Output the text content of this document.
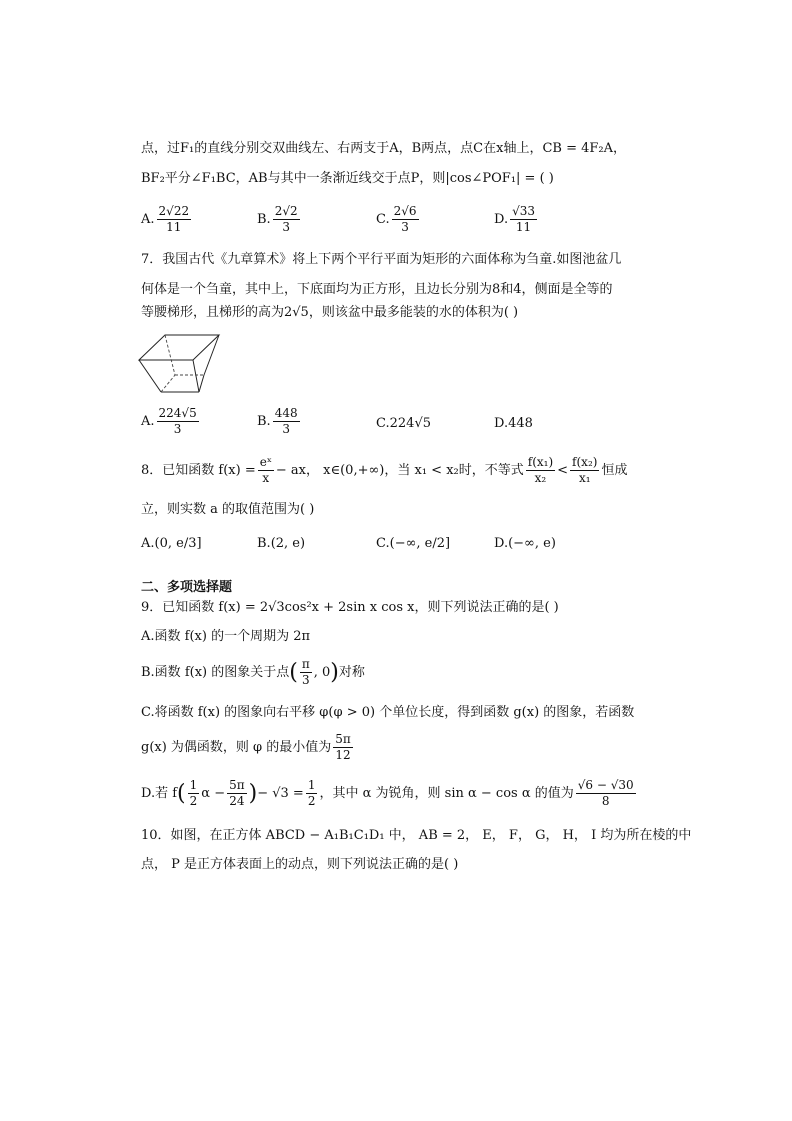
点，过F₁的直线分别交双曲线左、右两支于A，B两点，点C在x轴上，CB = 4F₂A，
BF₂平分∠F₁BC，AB与其中一条渐近线交于点P，则|cos∠POF₁| = ( )
A. $\frac{2√22}{11}$	B. $\frac{2√2}{3}$	C. $\frac{2√6}{3}$	D. $\frac{√33}{11}$
7．我国古代《九章算术》将上下两个平行平面为矩形的六面体称为刍童.如图池盆几
何体是一个刍童，其中上，下底面均为正方形，且边长分别为8和4，侧面是全等的
等腰梯形，且梯形的高为2√5，则该盆中最多能装的水的体积为( )
A. $\frac{224√5}{3}$	B. $\frac{448}{3}$	C. 224√5	D. 448
8．已知函数 $f(x) = \frac{\text{eˣ}}{x}$ − ax， x∈(0,+∞)，当 x₁ < x₂时，不等式 $\frac{\text{f(x₁)}}{\text{x₂}} < \frac{\text{f(x₂)}}{\text{x₁}}$ 恒成
立，则实数 a 的取值范围为( )
A. (0, e/3]	B. (2, e)	C. (−∞, e/2]	D. (−∞, e)
二、多项选择题
9．已知函数 f(x) = 2√3cos²x + 2sin x cos x，则下列说法正确的是( )
A.函数 f(x) 的一个周期为 2π
B.函数 f(x) 的图象关于点 ( $\frac{\pi}{3}$ , 0 ) 对称
C.将函数 f(x) 的图象向右平移 φ(φ > 0) 个单位长度，得到函数 g(x) 的图象，若函数
g(x) 为偶函数，则 φ 的最小值为 $\frac{5\pi}{12}$
D.若 f ( $\frac{1}{2}$ $\alpha - \frac{5\pi}{24}$ ) − $√3 = \frac{1}{2}$ ，其中 α 为锐角，则 sin α − cos α 的值为 $\frac{√6 - √30}{8}$
10．如图，在正方体 ABCD − A₁B₁C₁D₁ 中， AB = 2， E， F， G， H， I 均为所在棱的中
点， P 是正方体表面上的动点，则下列说法正确的是( )
